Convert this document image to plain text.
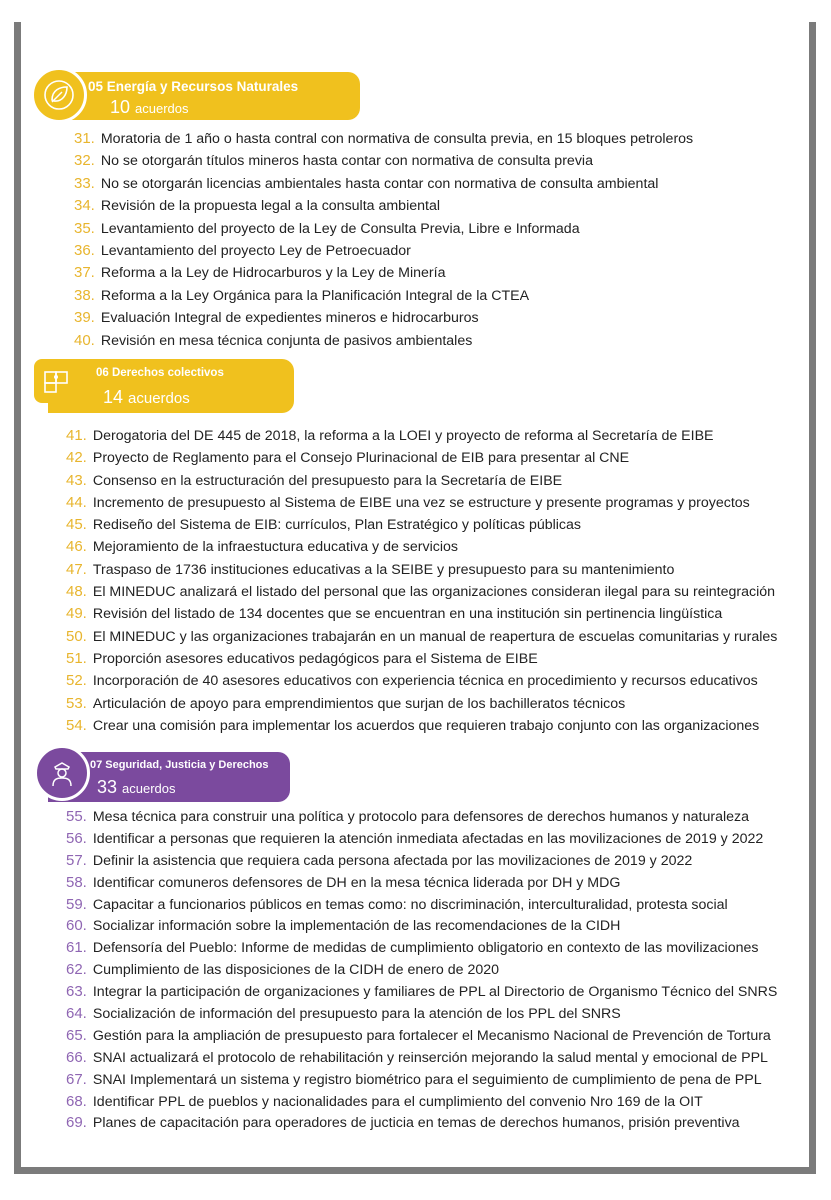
05 Energía y Recursos Naturales
10 acuerdos
31. Moratoria de 1 año o hasta contral con normativa de consulta previa, en 15 bloques petroleros
32. No se otorgarán títulos mineros hasta contar con normativa de consulta previa
33. No se otorgarán licencias ambientales hasta contar con normativa de consulta ambiental
34. Revisión de la propuesta legal a la consulta ambiental
35. Levantamiento del proyecto de la Ley de Consulta Previa, Libre e Informada
36. Levantamiento del proyecto Ley de Petroecuador
37. Reforma a la Ley de Hidrocarburos y la Ley de Minería
38. Reforma a la Ley Orgánica para la Planificación Integral de la CTEA
39. Evaluación Integral de expedientes mineros e hidrocarburos
40. Revisión en mesa técnica conjunta de pasivos ambientales
06 Derechos colectivos
14 acuerdos
41. Derogatoria del DE 445 de 2018, la reforma a la LOEI y proyecto de reforma al Secretaría de EIBE
42. Proyecto de Reglamento para el Consejo Plurinacional de EIB para presentar al CNE
43. Consenso en la estructuración del presupuesto para la Secretaría de EIBE
44. Incremento de presupuesto al Sistema de EIBE una vez se estructure y presente programas y proyectos
45. Rediseño del Sistema de EIB: currículos, Plan Estratégico y políticas públicas
46. Mejoramiento de la infraestuctura educativa y de servicios
47. Traspaso de 1736 instituciones educativas a la SEIBE y presupuesto para su mantenimiento
48. El MINEDUC analizará el listado del personal que las organizaciones consideran ilegal para su reintegración
49. Revisión del listado de 134 docentes que se encuentran en una institución sin pertinencia lingüística
50. El MINEDUC y las organizaciones trabajarán en un manual de reapertura de escuelas comunitarias y rurales
51. Proporción asesores educativos pedagógicos para el Sistema de EIBE
52. Incorporación de 40 asesores educativos con experiencia técnica en procedimiento y recursos educativos
53. Articulación de apoyo para emprendimientos que surjan de los bachilleratos técnicos
54. Crear una comisión para implementar los acuerdos que requieren trabajo conjunto con las organizaciones
07 Seguridad, Justicia y Derechos
33 acuerdos
55. Mesa técnica para construir una política y protocolo para defensores de derechos humanos y naturaleza
56. Identificar a personas que requieren la atención inmediata afectadas en las movilizaciones de 2019 y 2022
57. Definir la asistencia que requiera cada persona afectada por las movilizaciones de 2019 y 2022
58. Identificar comuneros defensores de DH en la mesa técnica liderada por DH y MDG
59. Capacitar a funcionarios públicos en temas como: no discriminación, interculturalidad, protesta social
60. Socializar información sobre la implementación de las recomendaciones de la CIDH
61. Defensoría del Pueblo: Informe de medidas de cumplimiento obligatorio en contexto de las movilizaciones
62. Cumplimiento de las disposiciones de la CIDH de enero de 2020
63. Integrar la participación de organizaciones y familiares de PPL al Directorio de Organismo Técnico del SNRS
64. Socialización de información del presupuesto para la atención de los PPL del SNRS
65. Gestión para la ampliación de presupuesto para fortalecer el Mecanismo Nacional de Prevención de Tortura
66. SNAI actualizará el protocolo de rehabilitación y reinserción mejorando la salud mental y emocional de PPL
67. SNAI Implementará un sistema y registro biométrico para el seguimiento de cumplimiento de pena de PPL
68. Identificar PPL de pueblos y nacionalidades para el cumplimiento del convenio Nro 169 de la OIT
69. Planes de capacitación para operadores de jucticia en temas de derechos humanos, prisión preventiva
